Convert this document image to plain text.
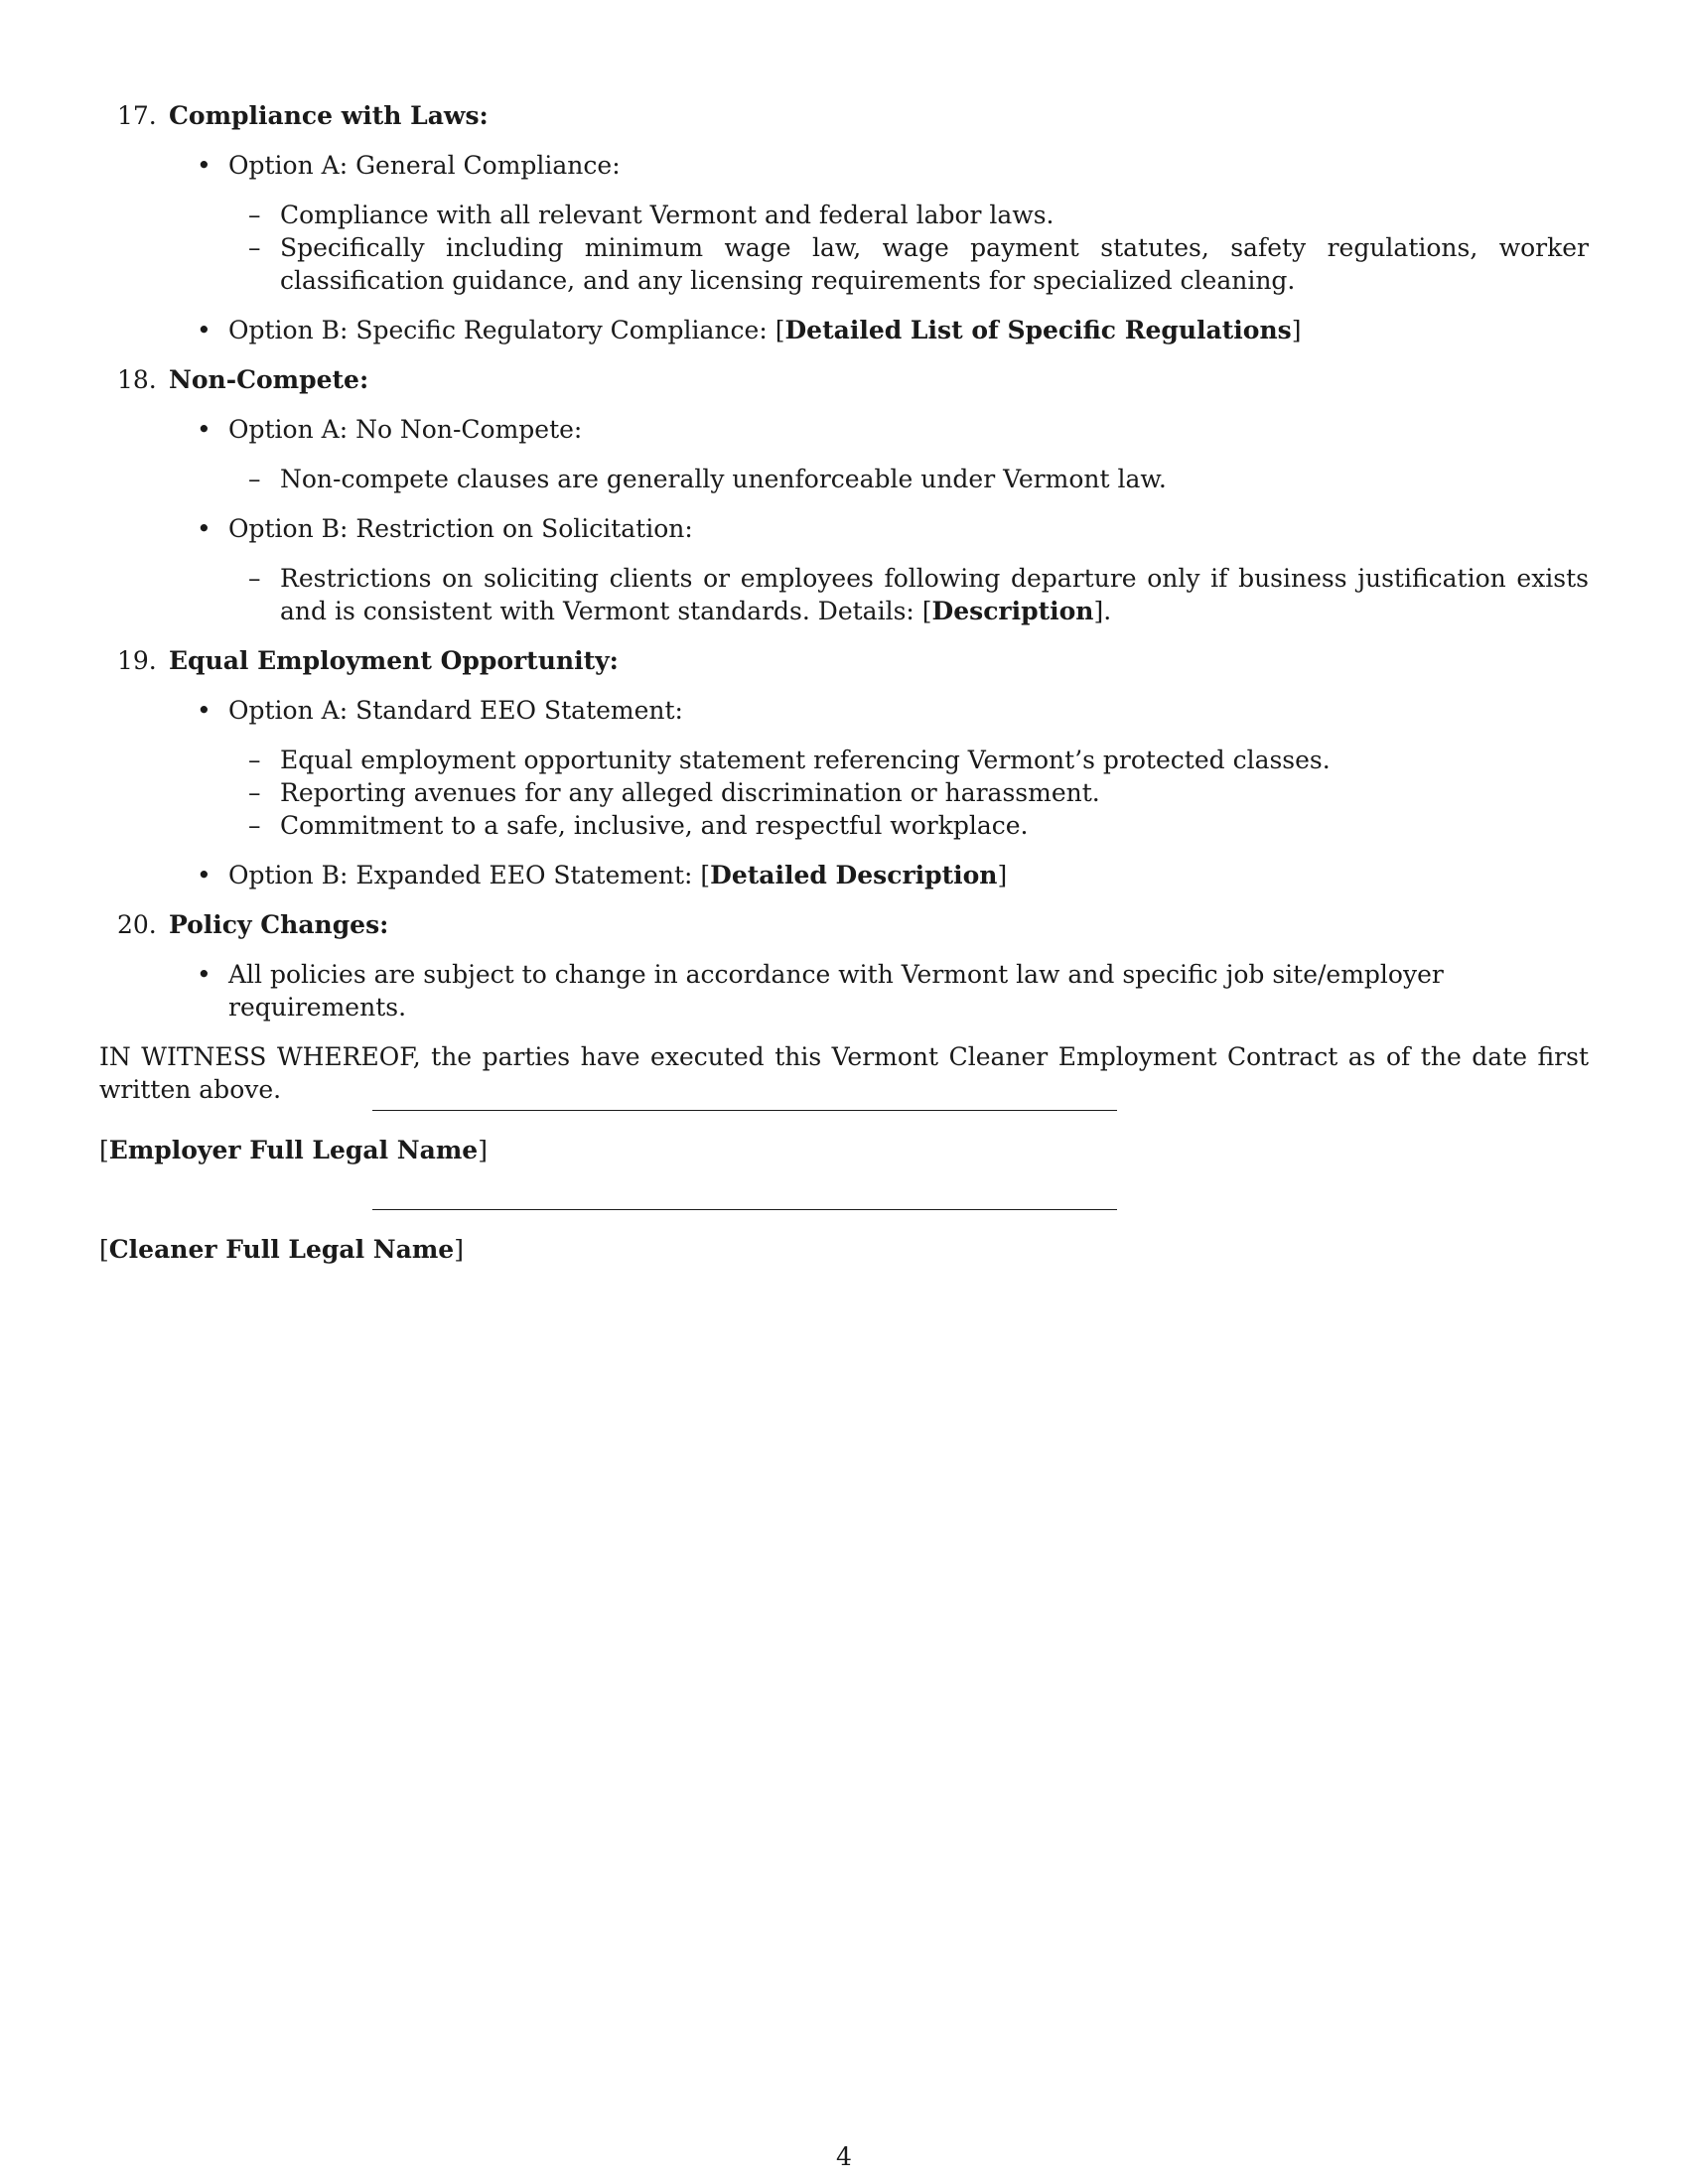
17. Compliance with Laws:
• Option A: General Compliance:
– Compliance with all relevant Vermont and federal labor laws.
– Specifically including minimum wage law, wage payment statutes, safety regulations, worker classification guidance, and any licensing requirements for specialized cleaning.
• Option B: Specific Regulatory Compliance: [Detailed List of Specific Regulations]
18. Non-Compete:
• Option A: No Non-Compete:
– Non-compete clauses are generally unenforceable under Vermont law.
• Option B: Restriction on Solicitation:
– Restrictions on soliciting clients or employees following departure only if business justification exists and is consistent with Vermont standards. Details: [Description].
19. Equal Employment Opportunity:
• Option A: Standard EEO Statement:
– Equal employment opportunity statement referencing Vermont’s protected classes.
– Reporting avenues for any alleged discrimination or harassment.
– Commitment to a safe, inclusive, and respectful workplace.
• Option B: Expanded EEO Statement: [Detailed Description]
20. Policy Changes:
• All policies are subject to change in accordance with Vermont law and specific job site/employer requirements.

IN WITNESS WHEREOF, the parties have executed this Vermont Cleaner Employment Contract as of the date first written above.

[Employer Full Legal Name]
[Cleaner Full Legal Name]
4
